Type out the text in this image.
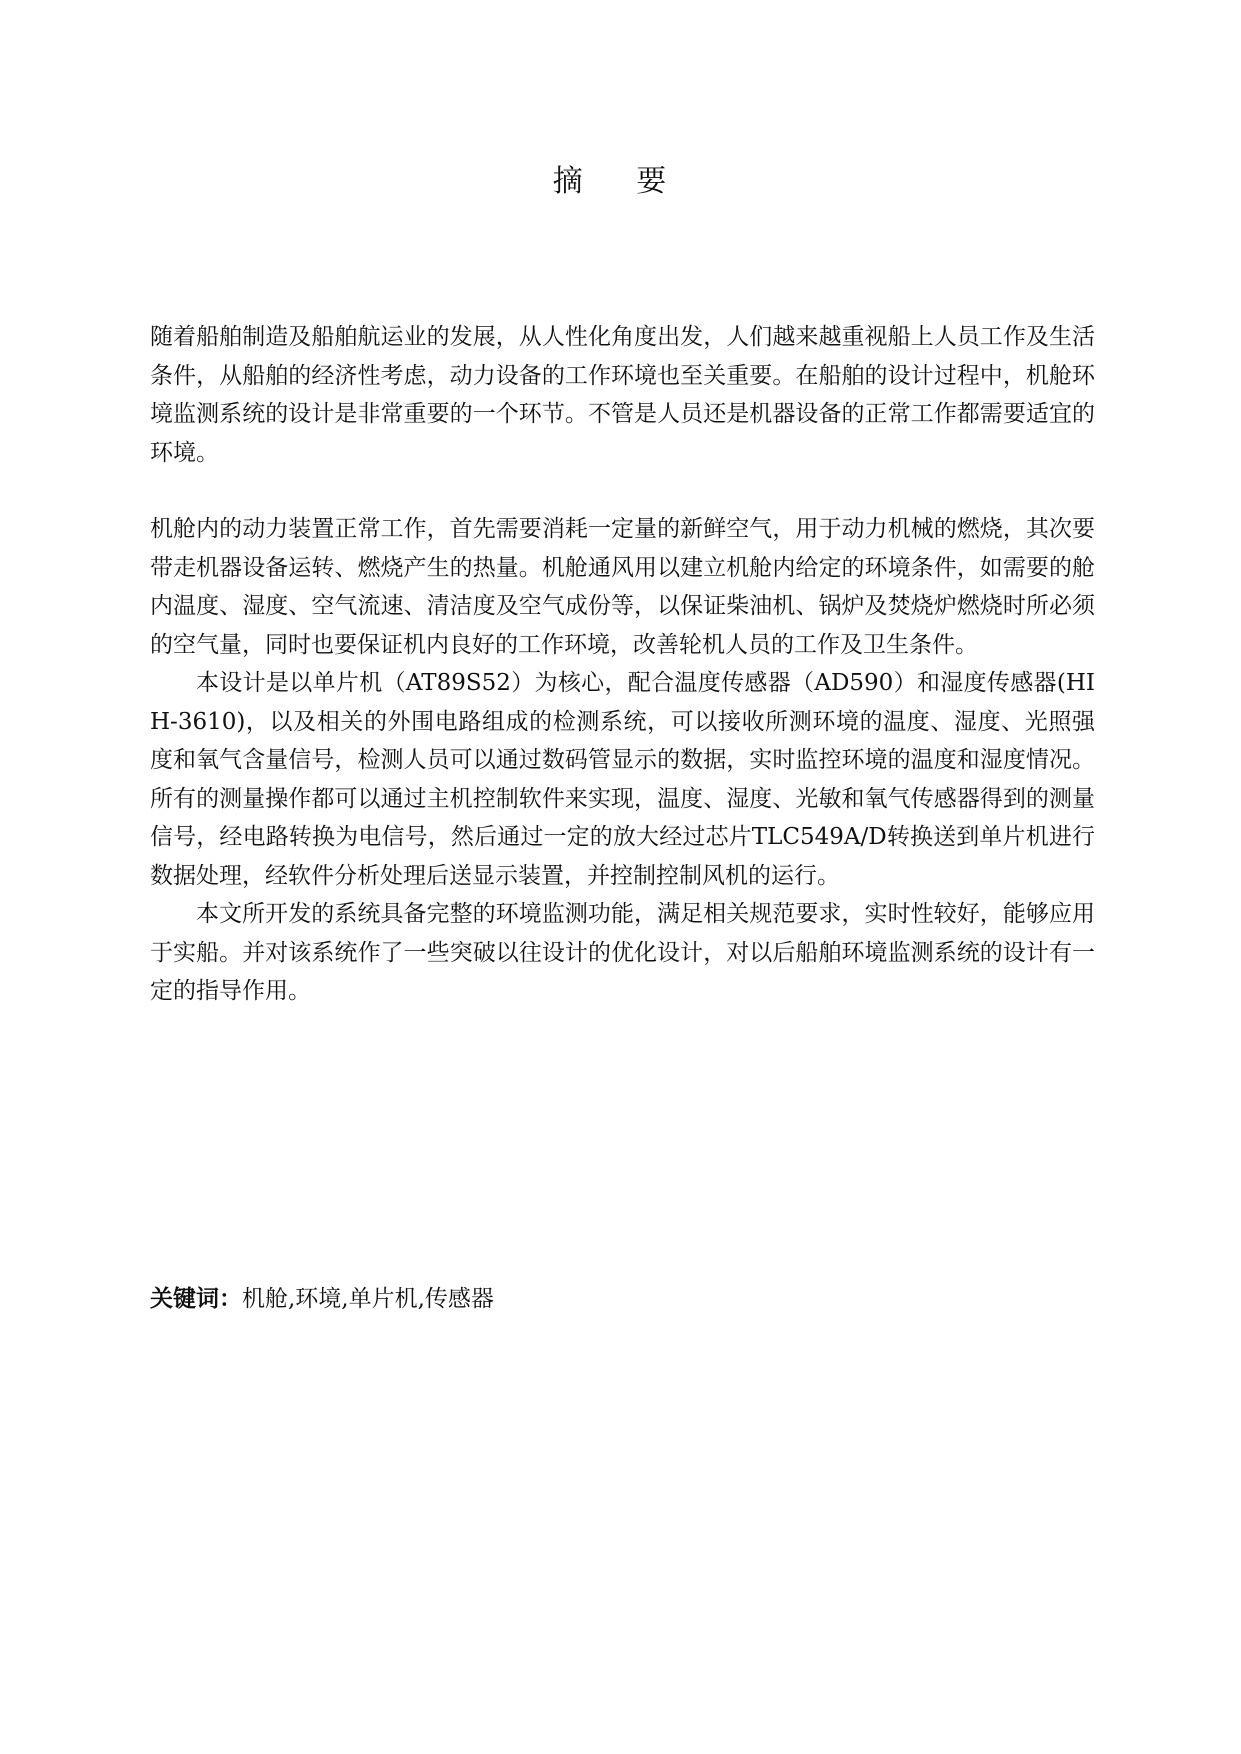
摘 要

随着船舶制造及船舶航运业的发展，从人性化角度出发，人们越来越重视船上人员工作及生活条件，从船舶的经济性考虑，动力设备的工作环境也至关重要。在船舶的设计过程中，机舱环境监测系统的设计是非常重要的一个环节。不管是人员还是机器设备的正常工作都需要适宜的环境。

机舱内的动力装置正常工作，首先需要消耗一定量的新鲜空气，用于动力机械的燃烧，其次要带走机器设备运转、燃烧产生的热量。机舱通风用以建立机舱内给定的环境条件，如需要的舱内温度、湿度、空气流速、清洁度及空气成份等，以保证柴油机、锅炉及焚烧炉燃烧时所必须的空气量，同时也要保证机内良好的工作环境，改善轮机人员的工作及卫生条件。

本设计是以单片机（AT89S52）为核心，配合温度传感器（AD590）和湿度传感器(HIH-3610)，以及相关的外围电路组成的检测系统，可以接收所测环境的温度、湿度、光照强度和氧气含量信号，检测人员可以通过数码管显示的数据，实时监控环境的温度和湿度情况。所有的测量操作都可以通过主机控制软件来实现，温度、湿度、光敏和氧气传感器得到的测量信号，经电路转换为电信号，然后通过一定的放大经过芯片TLC549A/D转换送到单片机进行数据处理，经软件分析处理后送显示装置，并控制控制风机的运行。

本文所开发的系统具备完整的环境监测功能，满足相关规范要求，实时性较好，能够应用于实船。并对该系统作了一些突破以往设计的优化设计，对以后船舶环境监测系统的设计有一定的指导作用。

关键词：机舱,环境,单片机,传感器
